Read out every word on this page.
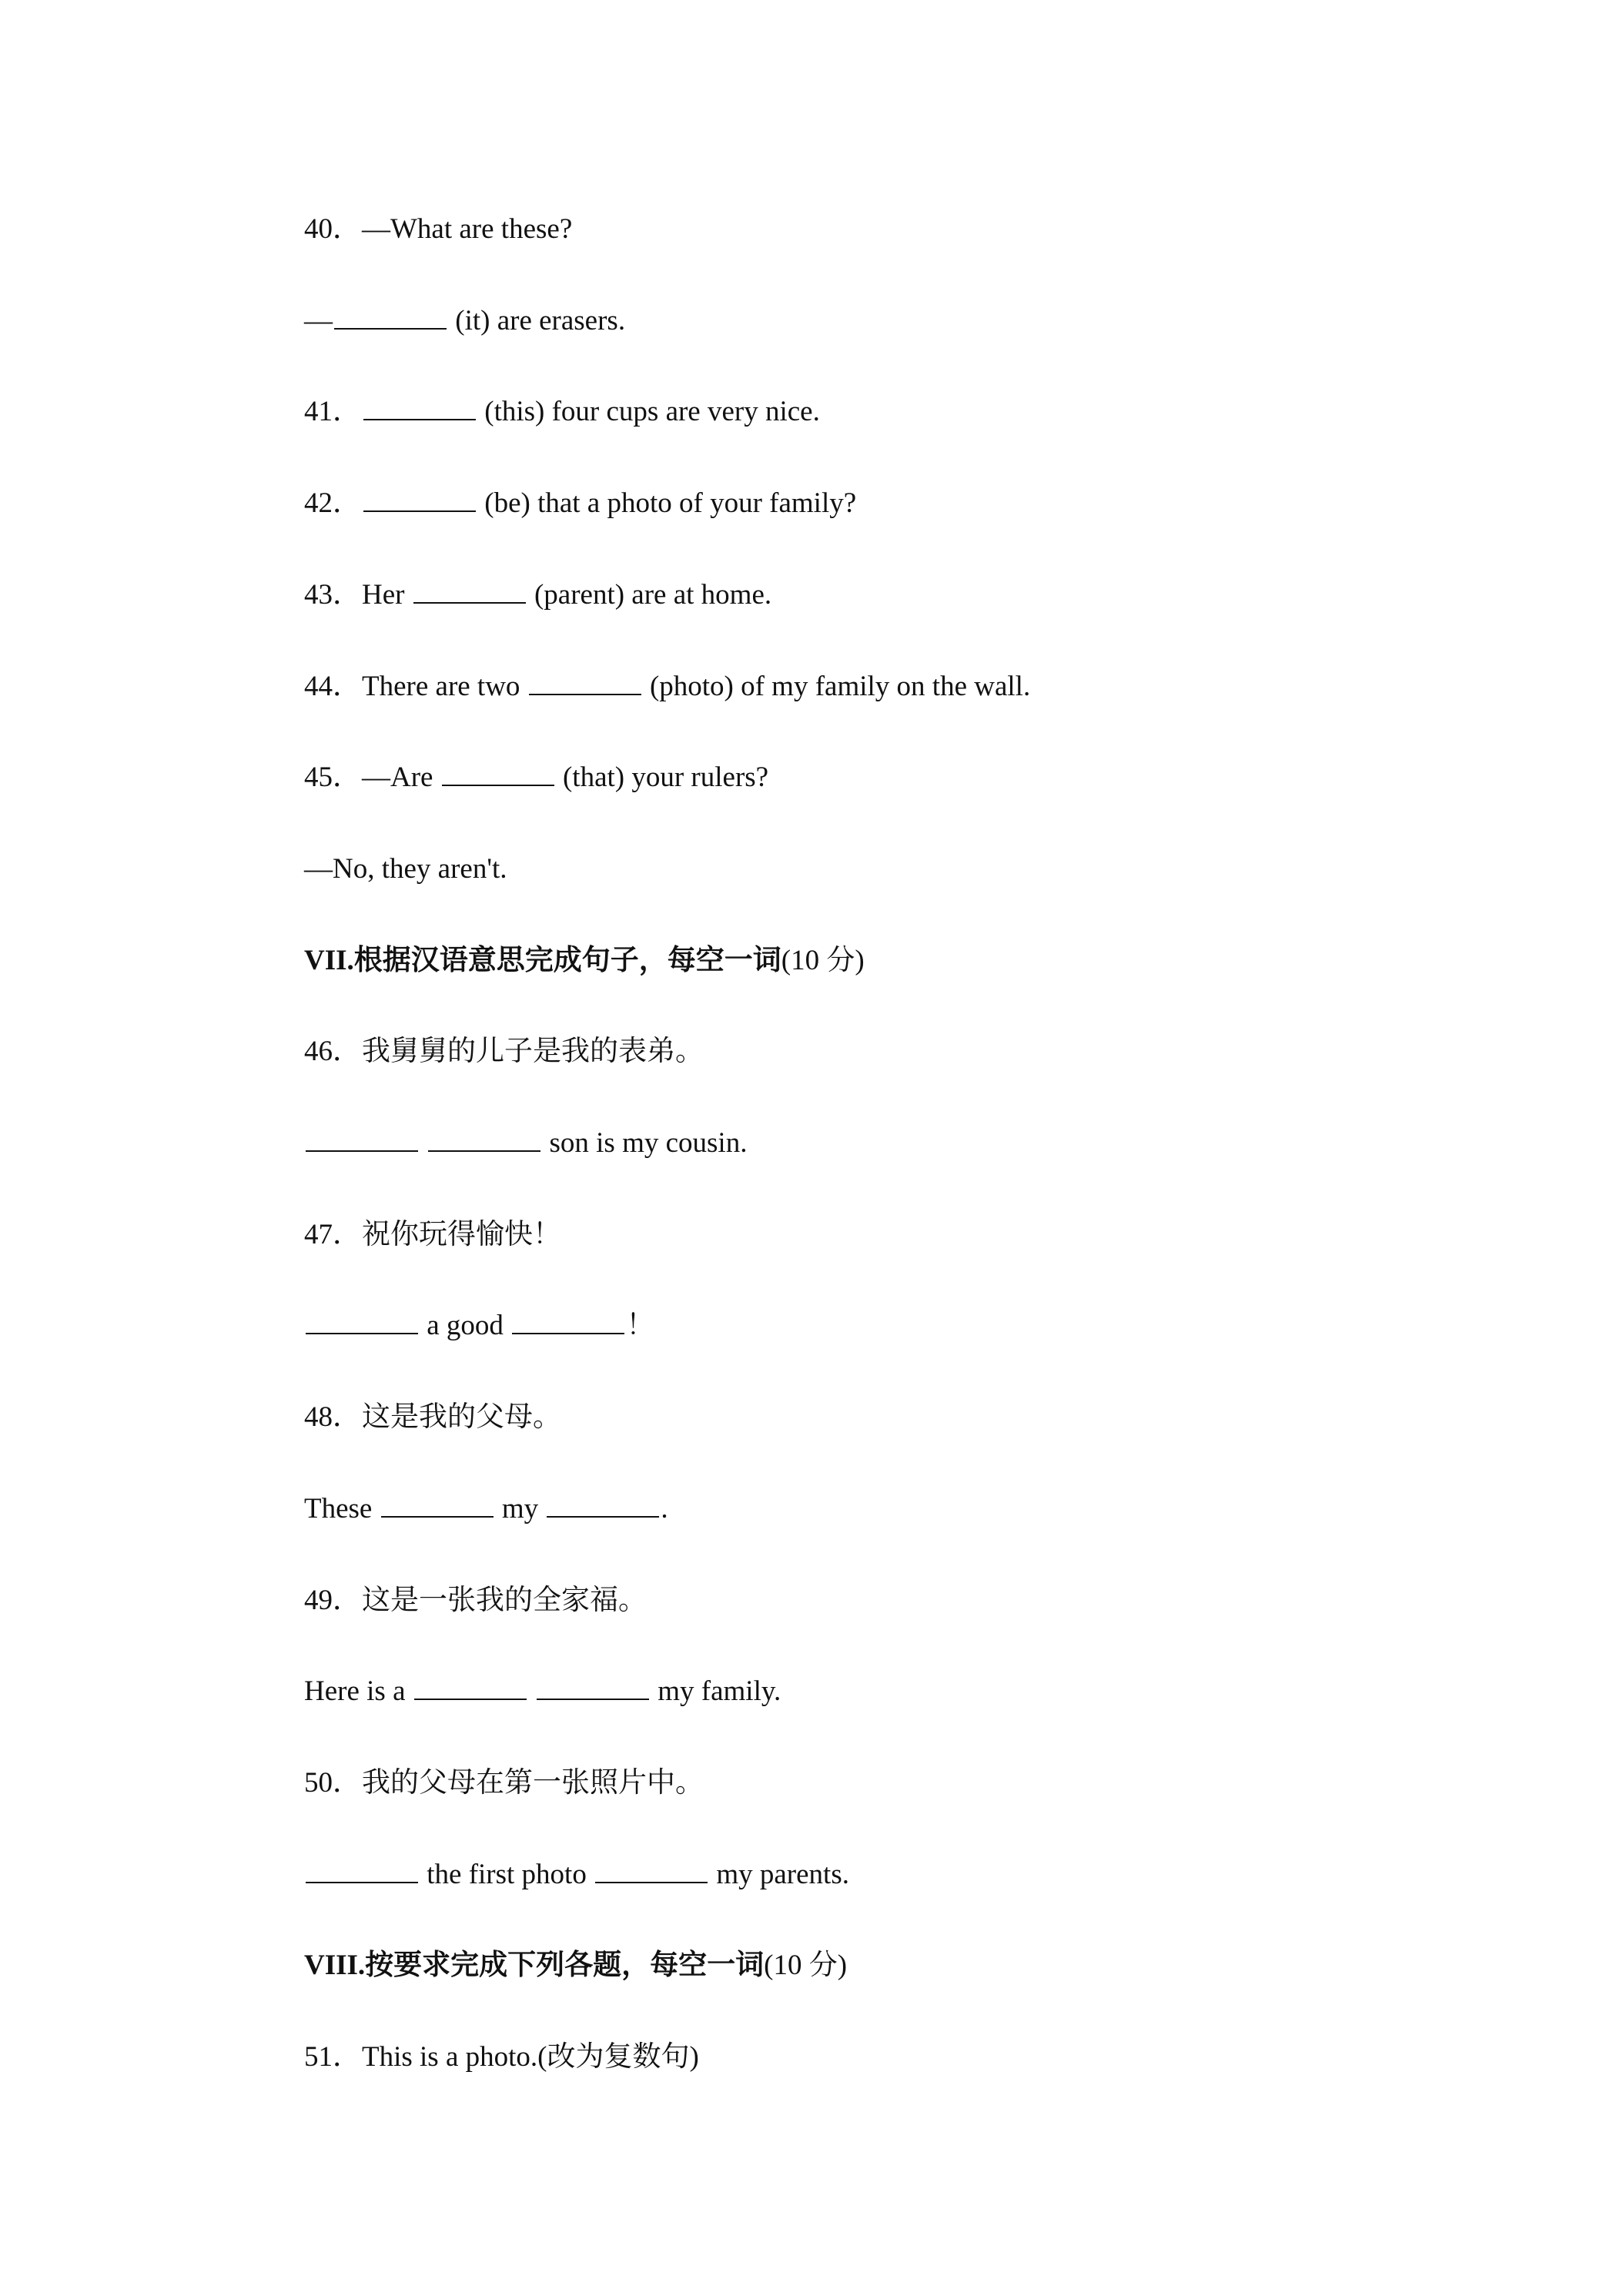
40．—What are these?
—	(it) are erasers.
41．	(this) four cups are very nice.
42．	(be) that a photo of your family?
43．Her	(parent) are at home.
44．There are two	(photo) of my family on the wall.
45．—Are	(that) your rulers?
—No, they aren't.
VII.根据汉语意思完成句子，每空一词(10 分)
46．我舅舅的儿子是我的表弟。
son is my cousin.
47．祝你玩得愉快！
a good	！
48．这是我的父母。
These	my	.
49．这是一张我的全家福。
Here is a	my family.
50．我的父母在第一张照片中。
the first photo	my parents.
VIII.按要求完成下列各题，每空一词(10 分)
51．This is a photo.(改为复数句)
